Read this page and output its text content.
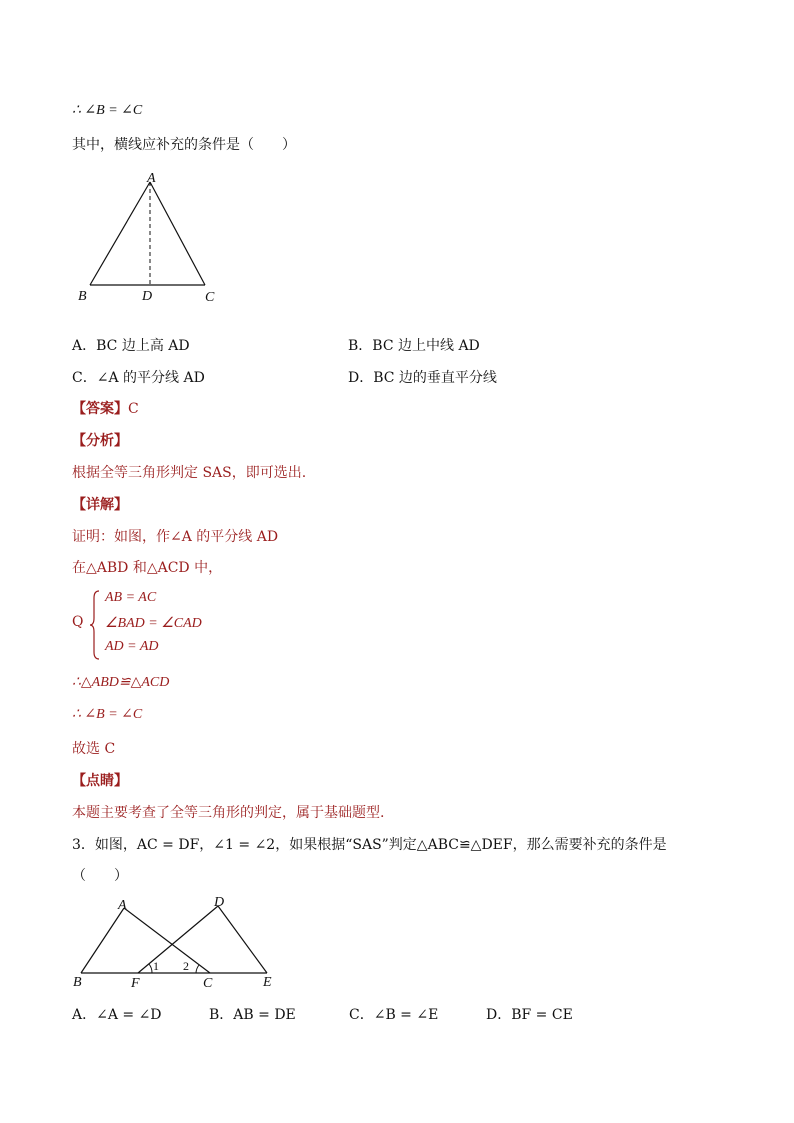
∴ ∠B = ∠C
其中，横线应补充的条件是（　　）
A
B	D	C
A．BC 边上高 AD	B．BC 边上中线 AD
C．∠A 的平分线 AD	D．BC 边的垂直平分线
【答案】C
【分析】
根据全等三角形判定 SAS，即可选出.
【详解】
证明：如图，作∠A 的平分线 AD
在△ABD 和△ACD 中，
Q
AB = AC
∠BAD = ∠CAD
AD = AD
∴△ABD≌△ACD
∴ ∠B = ∠C
故选 C
【点睛】
本题主要考查了全等三角形的判定，属于基础题型.
3．如图，AC = DF，∠1 = ∠2，如果根据“SAS”判定△ABC≌△DEF，那么需要补充的条件是
（　　）
A	D
B	F	C	E
1 2
A．∠A = ∠D	B．AB = DE	C．∠B = ∠E	D．BF = CE
